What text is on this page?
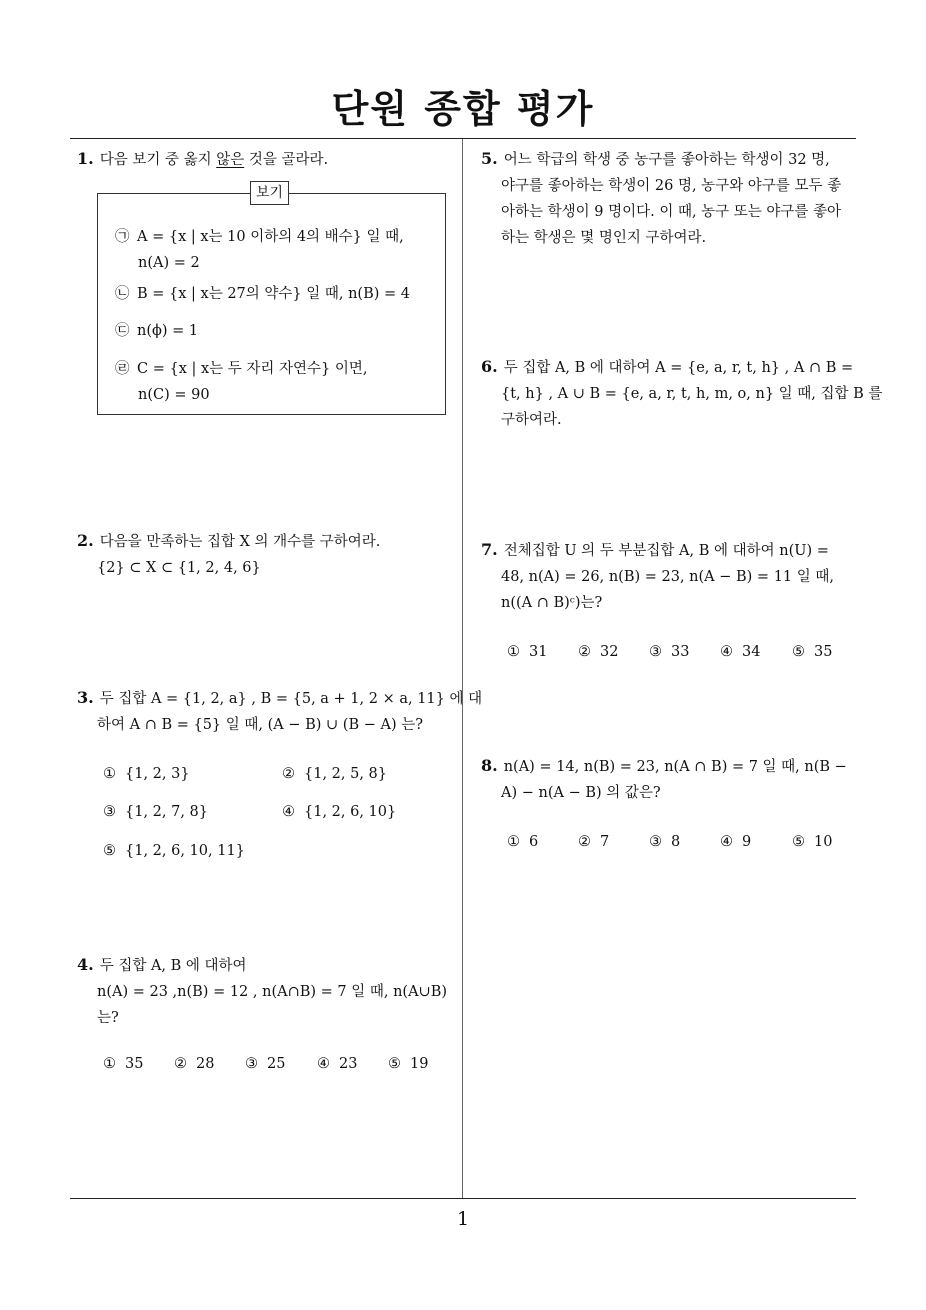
단원 종합 평가
1. 다음 보기 중 옳지 않은 것을 골라라.
보기
㉠ A = {x | x는 10 이하의 4의 배수} 일 때,
n(A) = 2
㉡ B = {x | x는 27의 약수} 일 때, n(B) = 4
㉢ n(ϕ) = 1
㉣ C = {x | x는 두 자리 자연수} 이면,
n(C) = 90
2. 다음을 만족하는 집합 X 의 개수를 구하여라.
{2} ⊂ X ⊂ {1, 2, 4, 6}
3. 두 집합 A = {1, 2, a} , B = {5, a + 1, 2 × a, 11} 에 대
하여 A ∩ B = {5} 일 때, (A − B) ∪ (B − A) 는?
① {1, 2, 3}	② {1, 2, 5, 8}
③ {1, 2, 7, 8}	④ {1, 2, 6, 10}
⑤ {1, 2, 6, 10, 11}
4. 두 집합 A, B 에 대하여
n(A) = 23 ,n(B) = 12 , n(A∩B) = 7 일 때, n(A∪B)
는?
① 35 ② 28 ③ 25 ④ 23 ⑤ 19
5. 어느 학급의 학생 중 농구를 좋아하는 학생이 32 명,
야구를 좋아하는 학생이 26 명, 농구와 야구를 모두 좋
아하는 학생이 9 명이다. 이 때, 농구 또는 야구를 좋아
하는 학생은 몇 명인지 구하여라.
6. 두 집합 A, B 에 대하여 A = {e, a, r, t, h} , A ∩ B =
{t, h} , A ∪ B = {e, a, r, t, h, m, o, n} 일 때, 집합 B 를
구하여라.
7. 전체집합 U 의 두 부분집합 A, B 에 대하여 n(U) =
48, n(A) = 26, n(B) = 23, n(A − B) = 11 일 때,
n((A ∩ B)ᶜ)는?
① 31 ② 32 ③ 33 ④ 34 ⑤ 35
8. n(A) = 14, n(B) = 23, n(A ∩ B) = 7 일 때, n(B −
A) − n(A − B) 의 값은?
① 6	② 7	③ 8	④ 9	⑤ 10
1
